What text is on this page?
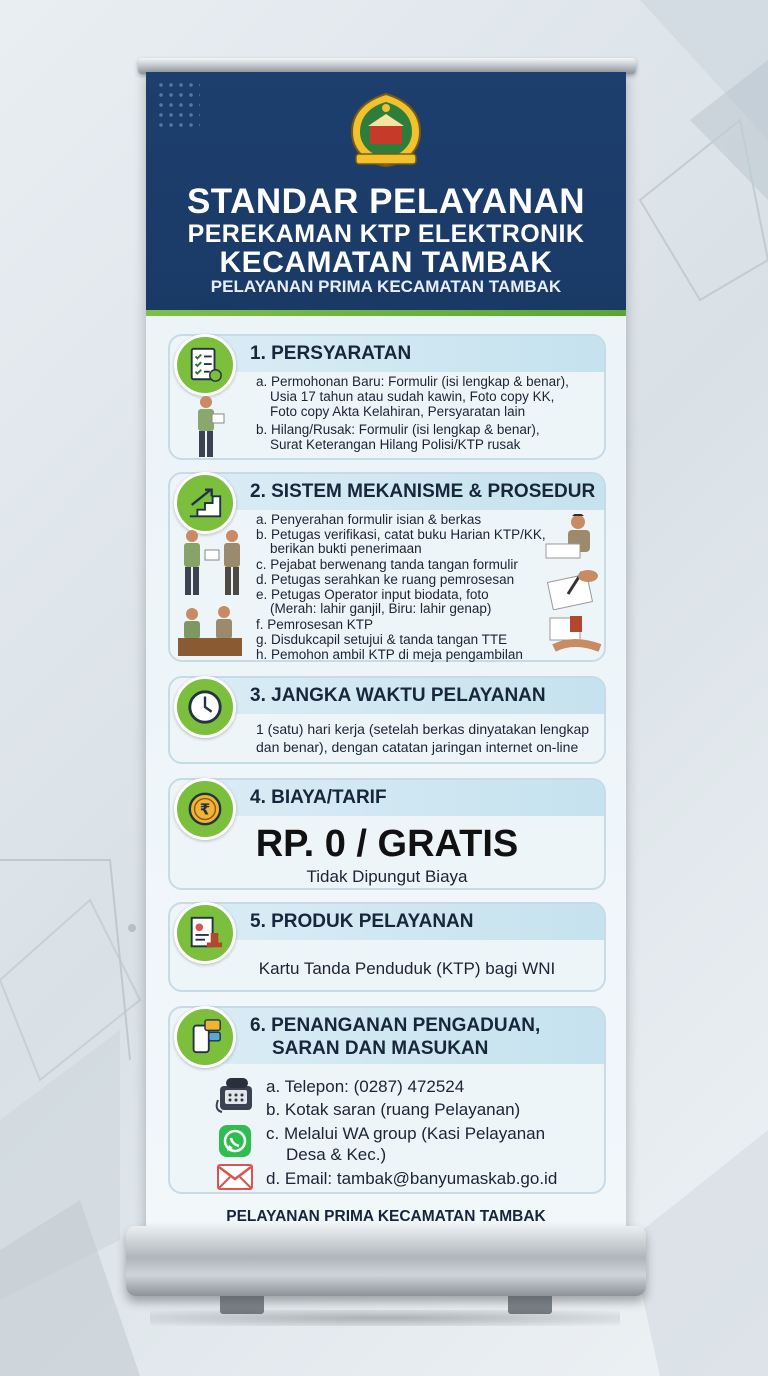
STANDAR PELAYANAN
PEREKAMAN KTP ELEKTRONIK
KECAMATAN TAMBAK
PELAYANAN PRIMA KECAMATAN TAMBAK
1. PERSYARATAN
a. Permohonan Baru: Formulir (isi lengkap & benar),
Usia 17 tahun atau sudah kawin, Foto copy KK,
Foto copy Akta Kelahiran, Persyaratan lain
b. Hilang/Rusak: Formulir (isi lengkap & benar),
Surat Keterangan Hilang Polisi/KTP rusak
2. SISTEM MEKANISME & PROSEDUR
a. Penyerahan formulir isian & berkas
b. Petugas verifikasi, catat buku Harian KTP/KK,
berikan bukti penerimaan
c. Pejabat berwenang tanda tangan formulir
d. Petugas serahkan ke ruang pemrosesan
e. Petugas Operator input biodata, foto
(Merah: lahir ganjil, Biru: lahir genap)
f. Pemrosesan KTP
g. Disdukcapil setujui & tanda tangan TTE
h. Pemohon ambil KTP di meja pengambilan
3. JANGKA WAKTU PELAYANAN
1 (satu) hari kerja (setelah berkas dinyatakan lengkap
dan benar), dengan catatan jaringan internet on-line
₹
4. BIAYA/TARIF
RP. 0 / GRATIS
Tidak Dipungut Biaya
5. PRODUK PELAYANAN
Kartu Tanda Penduduk (KTP) bagi WNI
6. PENANGANAN PENGADUAN,
SARAN DAN MASUKAN
a. Telepon: (0287) 472524
b. Kotak saran (ruang Pelayanan)
c. Melalui WA group (Kasi Pelayanan
Desa & Kec.)
d. Email: tambak@banyumaskab.go.id
PELAYANAN PRIMA KECAMATAN TAMBAK
